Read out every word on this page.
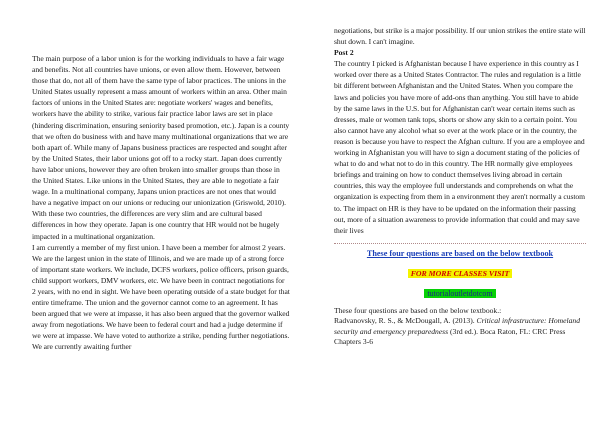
The main purpose of a labor union is for the working individuals to have a fair wage and benefits. Not all countries have unions, or even allow them. However, between those that do, not all of them have the same type of labor practices. The unions in the United States usually represent a mass amount of workers within an area. Other main factors of unions in the United States are: negotiate workers' wages and benefits, workers have the ability to strike, various fair practice labor laws are set in place (hindering discrimination, ensuring seniority based promotion, etc.). Japan is a county that we often do business with and have many multinational organizations that we are both apart of. While many of Japans business practices are respected and sought after by the United States, their labor unions got off to a rocky start. Japan does currently have labor unions, however they are often broken into smaller groups than those in the United States. Like unions in the United States, they are able to negotiate a fair wage. In a multinational company, Japans union practices are not ones that would have a negative impact on our unions or reducing our unionization (Griswold, 2010). With these two countries, the differences are very slim and are cultural based differences in how they operate. Japan is one country that HR would not be hugely impacted in a multinational organization.

I am currently a member of my first union. I have been a member for almost 2 years. We are the largest union in the state of Illinois, and we are made up of a strong force of important state workers. We include, DCFS workers, police officers, prison guards, child support workers, DMV workers, etc. We have been in contract negotiations for 2 years, with no end in sight. We have been operating outside of a state budget for that entire timeframe. The union and the governor cannot come to an agreement. It has been argued that we were at impasse, it has also been argued that the governor walked away from negotiations. We have been to federal court and had a judge determine if we were at impasse. We have voted to authorize a strike, pending further negotiations. We are currently awaiting further

negotiations, but strike is a major possibility. If our union strikes the entire state will shut down. I can't imagine.

Post 2

The country I picked is Afghanistan because I have experience in this country as I worked over there as a United States Contractor. The rules and regulation is a little bit different between Afghanistan and the United States. When you compare the laws and policies you have more of add-ons than anything. You still have to abide by the same laws in the U.S. but for Afghanistan can't wear certain items such as dresses, male or women tank tops, shorts or show any skin to a certain point. You also cannot have any alcohol what so ever at the work place or in the country, the reason is because you have to respect the Afghan culture. If you are a employee and working in Afghanistan you will have to sign a document stating of the policies of what to do and what not to do in this country. The HR normally give employees briefings and training on how to conduct themselves living abroad in certain countries, this way the employee full understands and comprehends on what the organization is expecting from them in a environment they aren't normally a custom to. The impact on HR is they have to be updated on the information their passing out, more of a situation awareness to provide information that could and may save their lives

These four questions are based on the below textbook
FOR MORE CLASSES VISIT
tutorialoutletdotcom
These four questions are based on the below textbook.:
Radvanovsky, R. S., & McDougall, A. (2013). Critical infrastructure: Homeland security and emergency preparedness (3rd ed.). Boca Raton, FL: CRC Press
Chapters 3-6
